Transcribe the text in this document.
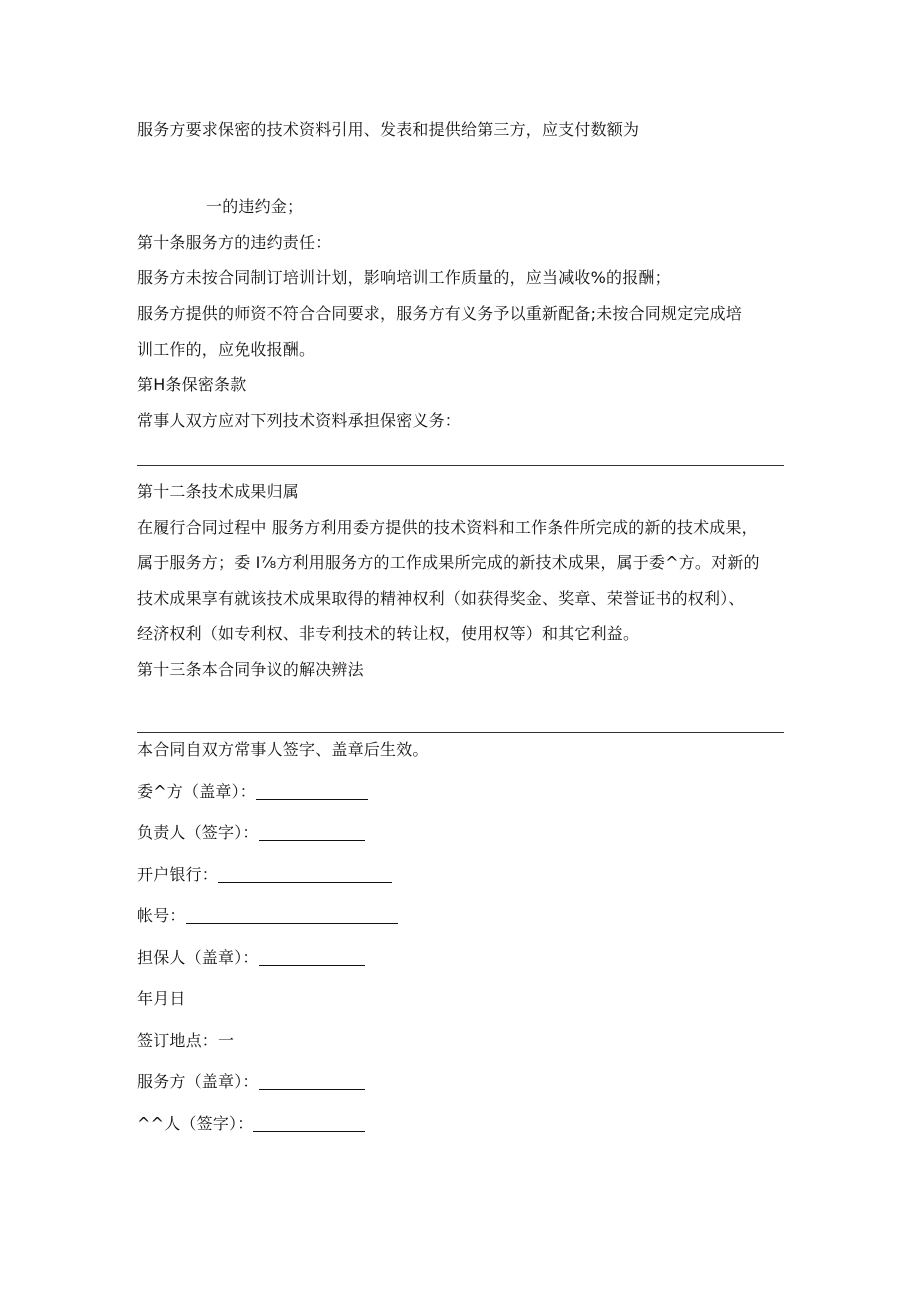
服务方要求保密的技术资料引用、发表和提供给第三方，应支付数额为
一的违约金；
第十条服务方的违约责任：
服务方未按合同制订培训计划，影响培训工作质量的，应当减收%的报酬；
服务方提供的师资不符合合同要求，服务方有义务予以重新配备;未按合同规定完成培
训工作的，应免收报酬。
第H条保密条款
常事人双方应对下列技术资料承担保密义务：
第十二条技术成果归属
在履行合同过程中 服务方利用委方提供的技术资料和工作条件所完成的新的技术成果，
属于服务方；委 I⅞方利用服务方的工作成果所完成的新技术成果，属于委^方。对新的
技术成果享有就该技术成果取得的精神权利（如获得奖金、奖章、荣誉证书的权利）、
经济权利（如专利权、非专利技术的转让权，使用权等）和其它利益。
第十三条本合同争议的解决辨法
本合同自双方常事人签字、盖章后生效。
委^方（盖章）：
负责人（签字）：
开户银行：
帐号：
担保人（盖章）：
年月日
签订地点：一
服务方（盖章）：
^^人（签字）：
